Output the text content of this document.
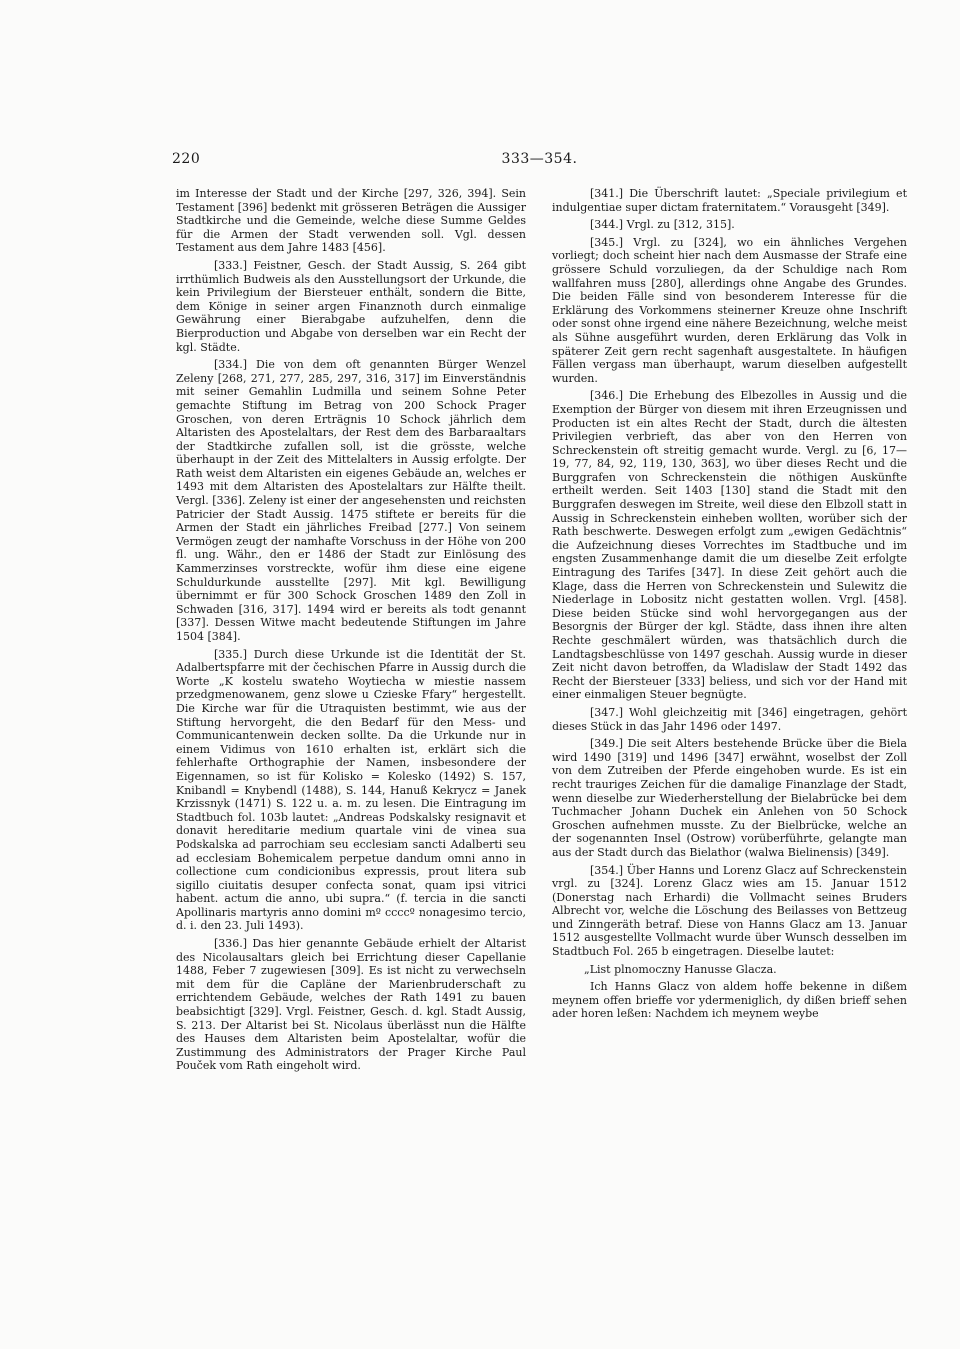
220	333—354.

im Interesse der Stadt und der Kirche [297, 326, 394]. Sein Testament [396] bedenkt mit grösseren Beträgen die Aussiger Stadtkirche und die Gemeinde, welche diese Summe Geldes für die Armen der Stadt verwenden soll. Vgl. dessen Testament aus dem Jahre 1483 [456].

[333.] Feistner, Gesch. der Stadt Aussig, S. 264 gibt irrthümlich Budweis als den Ausstellungsort der Urkunde, die kein Privilegium der Biersteuer enthält, sondern die Bitte, dem Könige in seiner argen Finanznoth durch einmalige Gewährung einer Bierabgabe aufzuhelfen, denn die Bierproduction und Abgabe von derselben war ein Recht der kgl. Städte.

[334.] Die von dem oft genannten Bürger Wenzel Zeleny [268, 271, 277, 285, 297, 316, 317] im Einverständnis mit seiner Gemahlin Ludmilla und seinem Sohne Peter gemachte Stiftung im Betrag von 200 Schock Prager Groschen, von deren Erträgnis 10 Schock jährlich dem Altaristen des Apostelaltars, der Rest dem des Barbaraaltars der Stadtkirche zufallen soll, ist die grösste, welche überhaupt in der Zeit des Mittelalters in Aussig erfolgte. Der Rath weist dem Altaristen ein eigenes Gebäude an, welches er 1493 mit dem Altaristen des Apostelaltars zur Hälfte theilt. Vergl. [336]. Zeleny ist einer der angesehensten und reichsten Patricier der Stadt Aussig. 1475 stiftete er bereits für die Armen der Stadt ein jährliches Freibad [277.] Von seinem Vermögen zeugt der namhafte Vorschuss in der Höhe von 200 fl. ung. Währ., den er 1486 der Stadt zur Einlösung des Kammerzinses vorstreckte, wofür ihm diese eine eigene Schuldurkunde ausstellte [297]. Mit kgl. Bewilligung übernimmt er für 300 Schock Groschen 1489 den Zoll in Schwaden [316, 317]. 1494 wird er bereits als todt genannt [337]. Dessen Witwe macht bedeutende Stiftungen im Jahre 1504 [384].

[335.] Durch diese Urkunde ist die Identität der St. Adalbertspfarre mit der čechischen Pfarre in Aussig durch die Worte „K kostelu swateho Woytiecha w miestie nassem przedgmenowanem, genz slowe u Czieske Ffary“ hergestellt. Die Kirche war für die Utraquisten bestimmt, wie aus der Stiftung hervorgeht, die den Bedarf für den Mess- und Communicantenwein decken sollte. Da die Urkunde nur in einem Vidimus von 1610 erhalten ist, erklärt sich die fehlerhafte Orthographie der Namen, insbesondere der Eigennamen, so ist für Kolisko = Kolesko (1492) S. 157, Knibandl = Knybendl (1488), S. 144, Hanuß Kekrycz = Janek Krzissnyk (1471) S. 122 u. a. m. zu lesen. Die Eintragung im Stadtbuch fol. 103b lautet: „Andreas Podskalsky resignavit et donavit hereditarie medium quartale vini de vinea sua Podskalska ad parrochiam seu ecclesiam sancti Adalberti seu ad ecclesiam Bohemicalem perpetue dandum omni anno in collectione cum condicionibus expressis, prout litera sub sigillo ciuitatis desuper confecta sonat, quam ipsi vitrici habent. actum die anno, ubi supra.“ (f. tercia in die sancti Apollinaris martyris anno domini mº ccccº nonagesimo tercio, d. i. den 23. Juli 1493).

[336.] Das hier genannte Gebäude erhielt der Altarist des Nicolausaltars gleich bei Errichtung dieser Capellanie 1488, Feber 7 zugewiesen [309]. Es ist nicht zu verwechseln mit dem für die Capläne der Marienbruderschaft zu errichtendem Gebäude, welches der Rath 1491 zu bauen beabsichtigt [329]. Vrgl. Feistner, Gesch. d. kgl. Stadt Aussig, S. 213. Der Altarist bei St. Nicolaus überlässt nun die Hälfte des Hauses dem Altaristen beim Apostelaltar, wofür die Zustimmung des Administrators der Prager Kirche Paul Pouček vom Rath eingeholt wird.

[341.] Die Überschrift lautet: „Speciale privilegium et indulgentiae super dictam fraternitatem.“ Vorausgeht [349].

[344.] Vrgl. zu [312, 315].

[345.] Vrgl. zu [324], wo ein ähnliches Vergehen vorliegt; doch scheint hier nach dem Ausmasse der Strafe eine grössere Schuld vorzuliegen, da der Schuldige nach Rom wallfahren muss [280], allerdings ohne Angabe des Grundes. Die beiden Fälle sind von besonderem Interesse für die Erklärung des Vorkommens steinerner Kreuze ohne Inschrift oder sonst ohne irgend eine nähere Bezeichnung, welche meist als Sühne ausgeführt wurden, deren Erklärung das Volk in späterer Zeit gern recht sagenhaft ausgestaltete. In häufigen Fällen vergass man überhaupt, warum dieselben aufgestellt wurden.

[346.] Die Erhebung des Elbezolles in Aussig und die Exemption der Bürger von diesem mit ihren Erzeugnissen und Producten ist ein altes Recht der Stadt, durch die ältesten Privilegien verbrieft, das aber von den Herren von Schreckenstein oft streitig gemacht wurde. Vergl. zu [6, 17—19, 77, 84, 92, 119, 130, 363], wo über dieses Recht und die Burggrafen von Schreckenstein die nöthigen Auskünfte ertheilt werden. Seit 1403 [130] stand die Stadt mit den Burggrafen deswegen im Streite, weil diese den Elbzoll statt in Aussig in Schreckenstein einheben wollten, worüber sich der Rath beschwerte. Deswegen erfolgt zum „ewigen Gedächtnis“ die Aufzeichnung dieses Vorrechtes im Stadtbuche und im engsten Zusammenhange damit die um dieselbe Zeit erfolgte Eintragung des Tarifes [347]. In diese Zeit gehört auch die Klage, dass die Herren von Schreckenstein und Sulewitz die Niederlage in Lobositz nicht gestatten wollen. Vrgl. [458]. Diese beiden Stücke sind wohl hervorgegangen aus der Besorgnis der Bürger der kgl. Städte, dass ihnen ihre alten Rechte geschmälert würden, was thatsächlich durch die Landtagsbeschlüsse von 1497 geschah. Aussig wurde in dieser Zeit nicht davon betroffen, da Wladislaw der Stadt 1492 das Recht der Biersteuer [333] beliess, und sich vor der Hand mit einer einmaligen Steuer begnügte.

[347.] Wohl gleichzeitig mit [346] eingetragen, gehört dieses Stück in das Jahr 1496 oder 1497.

[349.] Die seit Alters bestehende Brücke über die Biela wird 1490 [319] und 1496 [347] erwähnt, woselbst der Zoll von dem Zutreiben der Pferde eingehoben wurde. Es ist ein recht trauriges Zeichen für die damalige Finanzlage der Stadt, wenn dieselbe zur Wiederherstellung der Bielabrücke bei dem Tuchmacher Johann Duchek ein Anlehen von 50 Schock Groschen aufnehmen musste. Zu der Bielbrücke, welche an der sogenannten Insel (Ostrow) vorüberführte, gelangte man aus der Stadt durch das Bielathor (walwa Bielinensis) [349].

[354.] Über Hanns und Lorenz Glacz auf Schreckenstein vrgl. zu [324]. Lorenz Glacz wies am 15. Januar 1512 (Donerstag nach Erhardi) die Vollmacht seines Bruders Albrecht vor, welche die Löschung des Beilasses von Bettzeug und Zinngeräth betraf. Diese von Hanns Glacz am 13. Januar 1512 ausgestellte Vollmacht wurde über Wunsch desselben im Stadtbuch Fol. 265 b eingetragen. Dieselbe lautet:

„List plnomoczny Hanusse Glacza.

Ich Hanns Glacz von aldem hoffe bekenne in dißem meynem offen brieffe vor ydermeniglich, dy dißen brieff sehen ader horen leßen: Nachdem ich meynem weybe
